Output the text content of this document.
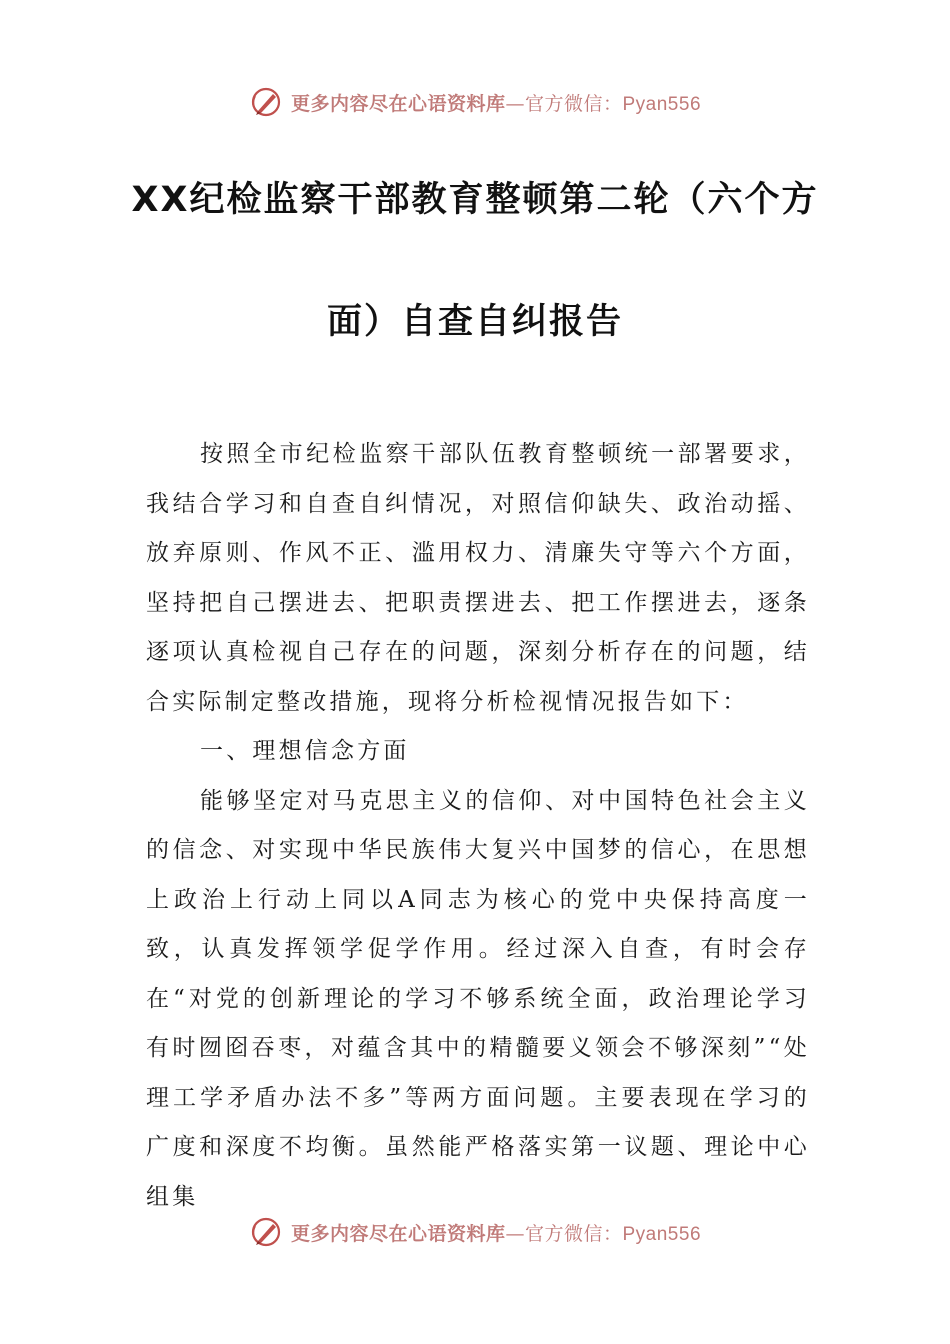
更多内容尽在心语资料库—官方微信：Pyan556
XX纪检监察干部教育整顿第二轮（六个方
面）自查自纠报告

按照全市纪检监察干部队伍教育整顿统一部署要求，我结合学习和自查自纠情况，对照信仰缺失、政治动摇、放弃原则、作风不正、滥用权力、清廉失守等六个方面，坚持把自己摆进去、把职责摆进去、把工作摆进去，逐条逐项认真检视自己存在的问题，深刻分析存在的问题，结合实际制定整改措施，现将分析检视情况报告如下：

一、理想信念方面

能够坚定对马克思主义的信仰、对中国特色社会主义的信念、对实现中华民族伟大复兴中国梦的信心，在思想上政治上行动上同以A同志为核心的党中央保持高度一致，认真发挥领学促学作用。经过深入自查，有时会存在“对党的创新理论的学习不够系统全面，政治理论学习有时囫囵吞枣，对蕴含其中的精髓要义领会不够深刻”“处理工学矛盾办法不多”等两方面问题。主要表现在学习的广度和深度不均衡。虽然能严格落实第一议题、理论中心组集

更多内容尽在心语资料库—官方微信：Pyan556
